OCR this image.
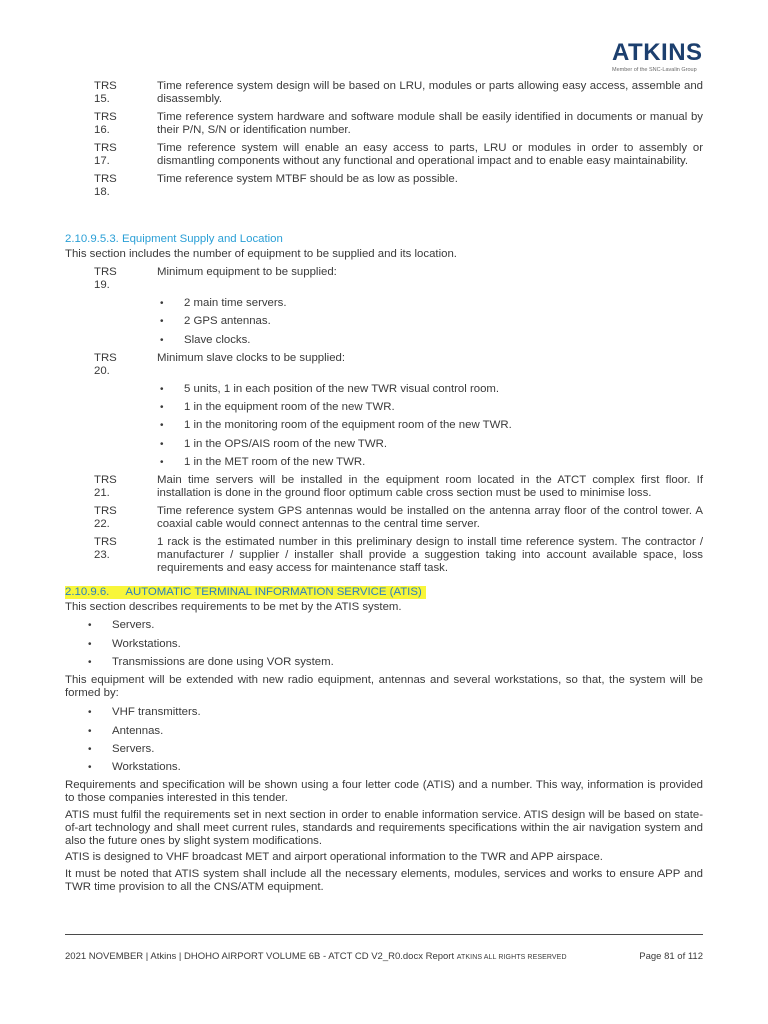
ATKINS
Member of the SNC-Lavalin Group
TRS 15.
Time reference system design will be based on LRU, modules or parts allowing easy access, assemble and disassembly.
TRS 16.
Time reference system hardware and software module shall be easily identified in documents or manual by their P/N, S/N or identification number.
TRS 17.
Time reference system will enable an easy access to parts, LRU or modules in order to assembly or dismantling components without any functional and operational impact and to enable easy maintainability.
TRS 18.
Time reference system MTBF should be as low as possible.
2.10.9.5.3. Equipment Supply and Location
This section includes the number of equipment to be supplied and its location.
TRS 19.
Minimum equipment to be supplied:
• 2 main time servers.
• 2 GPS antennas.
• Slave clocks.
TRS 20.
Minimum slave clocks to be supplied:
• 5 units, 1 in each position of the new TWR visual control room.
• 1 in the equipment room of the new TWR.
• 1 in the monitoring room of the equipment room of the new TWR.
• 1 in the OPS/AIS room of the new TWR.
• 1 in the MET room of the new TWR.
TRS 21.
Main time servers will be installed in the equipment room located in the ATCT complex first floor. If installation is done in the ground floor optimum cable cross section must be used to minimise loss.
TRS 22.
Time reference system GPS antennas would be installed on the antenna array floor of the control tower. A coaxial cable would connect antennas to the central time server.
TRS 23.
1 rack is the estimated number in this preliminary design to install time reference system. The contractor / manufacturer / supplier / installer shall provide a suggestion taking into account available space, loss requirements and easy access for maintenance staff task.
2.10.9.6. AUTOMATIC TERMINAL INFORMATION SERVICE (ATIS)
This section describes requirements to be met by the ATIS system.
• Servers.
• Workstations.
• Transmissions are done using VOR system.
This equipment will be extended with new radio equipment, antennas and several workstations, so that, the system will be formed by:
• VHF transmitters.
• Antennas.
• Servers.
• Workstations.
Requirements and specification will be shown using a four letter code (ATIS) and a number. This way, information is provided to those companies interested in this tender.
ATIS must fulfil the requirements set in next section in order to enable information service. ATIS design will be based on state-of-art technology and shall meet current rules, standards and requirements specifications within the air navigation system and also the future ones by slight system modifications.
ATIS is designed to VHF broadcast MET and airport operational information to the TWR and APP airspace.
It must be noted that ATIS system shall include all the necessary elements, modules, services and works to ensure APP and TWR time provision to all the CNS/ATM equipment.
2021 NOVEMBER | Atkins | DHOHO AIRPORT VOLUME 6B - ATCT CD V2_R0.docx Report ATKINS ALL RIGHTS RESERVED	Page 81 of 112
